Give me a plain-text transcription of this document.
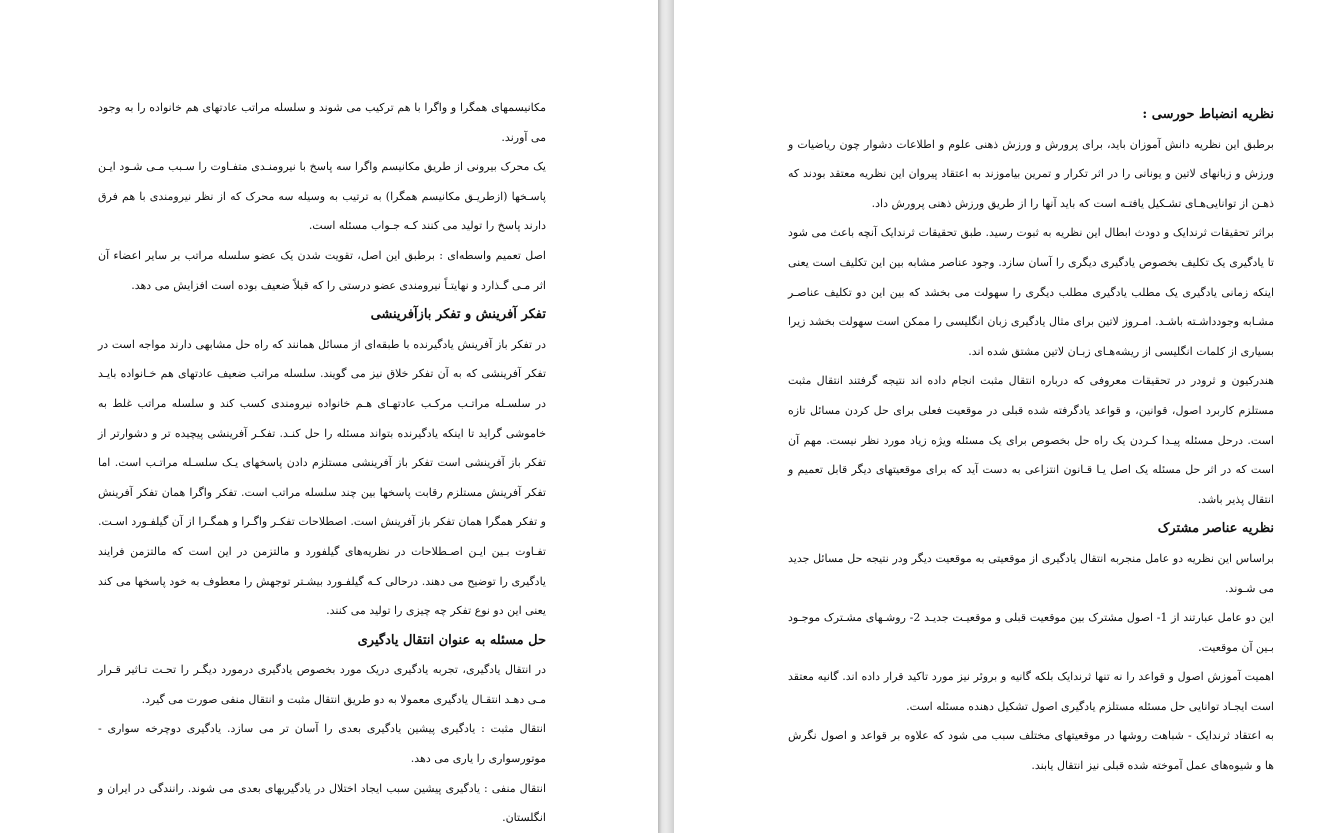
مکانیسمهای همگرا و واگرا با هم ترکیب می شوند و سلسله مراتب عادتهای هم خانواده را به وجود می آورند.

یک محرک بیرونی از طریق مکانیسم واگرا سه پاسخ با نیرومنـدی متفـاوت را سـبب مـی شـود ایـن پاسـخها (ازطریـق مکانیسم همگرا) به ترتیب به وسیله سه محرک که از نظر نیرومندی با هم فرق دارند پاسخ را تولید می کنند کـه جـواب مسئله است.

اصل تعمیم واسطه‌ای : برطبق این اصل، تقویت شدن یک عضو سلسله مراتب بر سایر اعضاء آن اثر مـی گـذارد و نهایتـاً نیرومندی عضو درستی را که قبلاً ضعیف بوده است افزایش می دهد.

تفکر آفرینش و تفکر بازآفرینشی

در تفکر باز آفرینش یادگیرنده با طبقه‌ای از مسائل همانند که راه حل مشابهی دارند مواجه است در تفکر آفرینشی که به آن تفکر خلاق نیز می گویند. سلسله مراتب ضعیف عادتهای هم خـانواده بایـد در سلسـله مراتـب مرکـب عادتهـای هـم خانواده نیرومندی کسب کند و سلسله مراتب غلط به خاموشی گراید تا اینکه یادگیرنده بتواند مسئله را حل کنـد. تفکـر آفرینشی پیچیده تر و دشوارتر از تفکر باز آفرینشی است تفکر باز آفرینشی مستلزم دادن پاسخهای یـک سلسـله مراتـب است. اما تفکر آفرینش مستلزم رقابت پاسخها بین چند سلسله مراتب است. تفکر واگرا همان تفکر آفرینش و تفکر همگرا همان تفکر باز آفرینش است. اصطلاحات تفکـر واگـرا و همگـرا از آن گیلفـورد اسـت. تفـاوت بـین ایـن اصـطلاحات در نظریه‌های گیلفورد و مالتزمن در این است که مالتزمن فرایند یادگیری را توضیح می دهند. درحالی کـه گیلفـورد بیشـتر توجهش را معطوف به خود پاسخها می کند یعنی این دو نوع تفکر چه چیزی را تولید می کنند.

حل مسئله به عنوان انتقال یادگیری

در انتقال یادگیری، تجربه یادگیری دریک مورد بخصوص یادگیری درمورد دیگـر را تحـت تـاثیر قـرار مـی دهـد انتقـال یادگیری معمولا به دو طریق انتقال مثبت و انتقال منفی صورت می گیرد.

انتقال مثبت : یادگیری پیشین یادگیری بعدی را آسان تر می سازد. یادگیری دوچرخه سواری - موتورسواری را یاری می دهد.

انتقال منفی : یادگیری پیشین سبب ایجاد اختلال در یادگیریهای بعدی می شوند. رانندگی در ایران و انگلستان.

نظریه انضباط حورسی :

برطبق این نظریه دانش آموزان باید، برای پرورش و ورزش ذهنی علوم و اطلاعات دشوار چون ریاضیات و ورزش و زبانهای لاتین و یونانی را در اثر تکرار و تمرین بیاموزند به اعتقاد پیروان این نظریه معتقد بودند که ذهـن از توانایی‌هـای تشـکیل یافتـه است که باید آنها را از طریق ورزش ذهنی پرورش داد.

براثر تحقیقات ثرندایک و دودث ابطال این نظریه به ثبوت رسید. طبق تحقیقات ثرندایک آنچه باعث می شود تا یادگیری یک تکلیف بخصوص یادگیری دیگری را آسان سازد. وجود عناصر مشابه بین این تکلیف است یعنی اینکه زمانی یادگیری یک مطلب یادگیری مطلب دیگری را سهولت می بخشد که بین این دو تکلیف عناصـر مشـابه وجودداشـته باشـد. امـروز لاتین برای مثال یادگیری زبان انگلیسی را ممکن است سهولت بخشد زیرا بسیاری از کلمات انگلیسی از ریشه‌هـای زبـان لاتین مشتق شده اند.

هندرکیون و ثرودر در تحقیقات معروفی که درباره انتقال مثبت انجام داده اند نتیجه گرفتند انتقال مثبت مستلزم کاربرد اصول، قوانین، و قواعد یادگرفته شده قبلی در موقعیت فعلی برای حل کردن مسائل تازه است. درحل مسئله پیـدا کـردن یک راه حل بخصوص برای یک مسئله ویژه زیاد مورد نظر نیست. مهم آن است که در اثر حل مسئله یک اصل یـا قـانون انتزاعی به دست آید که برای موقعیتهای دیگر قابل تعمیم و انتقال پذیر باشد.

نظریه عناصر مشترک

براساس این نظریه دو عامل منجربه انتقال یادگیری از موقعیتی به موقعیت دیگر ودر نتیجه حل مسائل جدید می شـوند.

این دو عامل عبارتند از 1- اصول مشترک بین موقعیت قبلی و موقعیـت جدیـد 2- روشـهای مشـترک موجـود بـین آن موقعیت.

اهمیت آموزش اصول و قواعد را نه تنها ثرندایک بلکه گانیه و بروئر نیز مورد تاکید قرار داده اند. گانیه معتقد است ایجـاد توانایی حل مسئله مستلزم یادگیری اصول تشکیل دهنده مسئله است.

به اعتقاد ثرندایک - شباهت روشها در موقعیتهای مختلف سبب می شود که علاوه بر قواعد و اصول نگرش ها و شیوه‌های عمل آموخته شده قبلی نیز انتقال یابند.
